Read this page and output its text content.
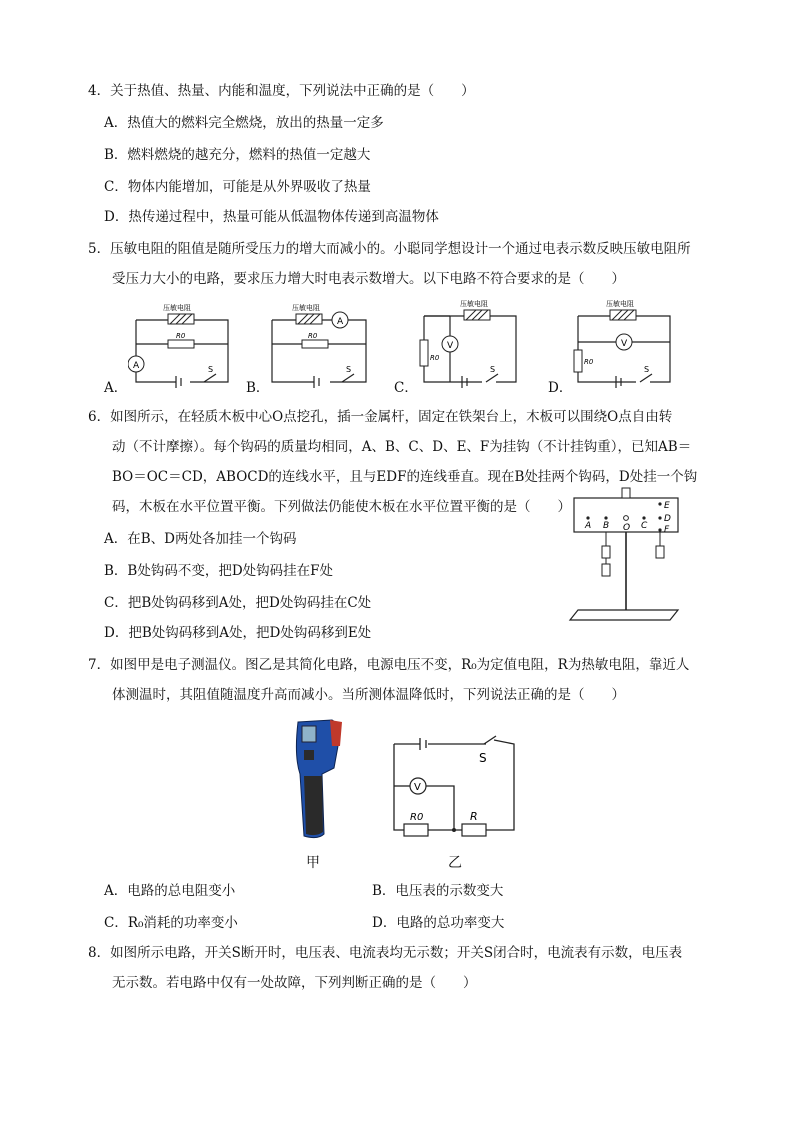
4．关于热值、热量、内能和温度，下列说法中正确的是（　　）
A．热值大的燃料完全燃烧，放出的热量一定多
B．燃料燃烧的越充分，燃料的热值一定越大
C．物体内能增加，可能是从外界吸收了热量
D．热传递过程中，热量可能从低温物体传递到高温物体
5．压敏电阻的阻值是随所受压力的增大而减小的。小聪同学想设计一个通过电表示数反映压敏电阻所
受压力大小的电路，要求压力增大时电表示数增大。以下电路不符合要求的是（　　）
A．
压敏电阻
R0
A	S
B．
压敏电阻
A
R0
S
C．
压敏电阻
R0
V
S
D．
压敏电阻
V
R0
S
6．如图所示，在轻质木板中心O点挖孔，插一金属杆，固定在铁架台上，木板可以围绕O点自由转
动（不计摩擦）。每个钩码的质量均相同，A、B、C、D、E、F为挂钩（不计挂钩重），已知AB＝
BO＝OC＝CD，ABOCD的连线水平，且与EDF的连线垂直。现在B处挂两个钩码，D处挂一个钩
码，木板在水平位置平衡。下列做法仍能使木板在水平位置平衡的是（　　）
A．在B、D两处各加挂一个钩码
B．B处钩码不变，把D处钩码挂在F处
C．把B处钩码移到A处，把D处钩码挂在C处
D．把B处钩码移到A处，把D处钩码移到E处
A B O C
E
D
F
7．如图甲是电子测温仪。图乙是其简化电路，电源电压不变，R₀为定值电阻，R为热敏电阻，靠近人
体测温时，其阻值随温度升高而减小。当所测体温降低时，下列说法正确的是（　　）
S
V
R0	R
甲	乙
A．电路的总电阻变小	B．电压表的示数变大
C．R₀消耗的功率变小	D．电路的总功率变大
8．如图所示电路，开关S断开时，电压表、电流表均无示数；开关S闭合时，电流表有示数，电压表
无示数。若电路中仅有一处故障，下列判断正确的是（　　）
